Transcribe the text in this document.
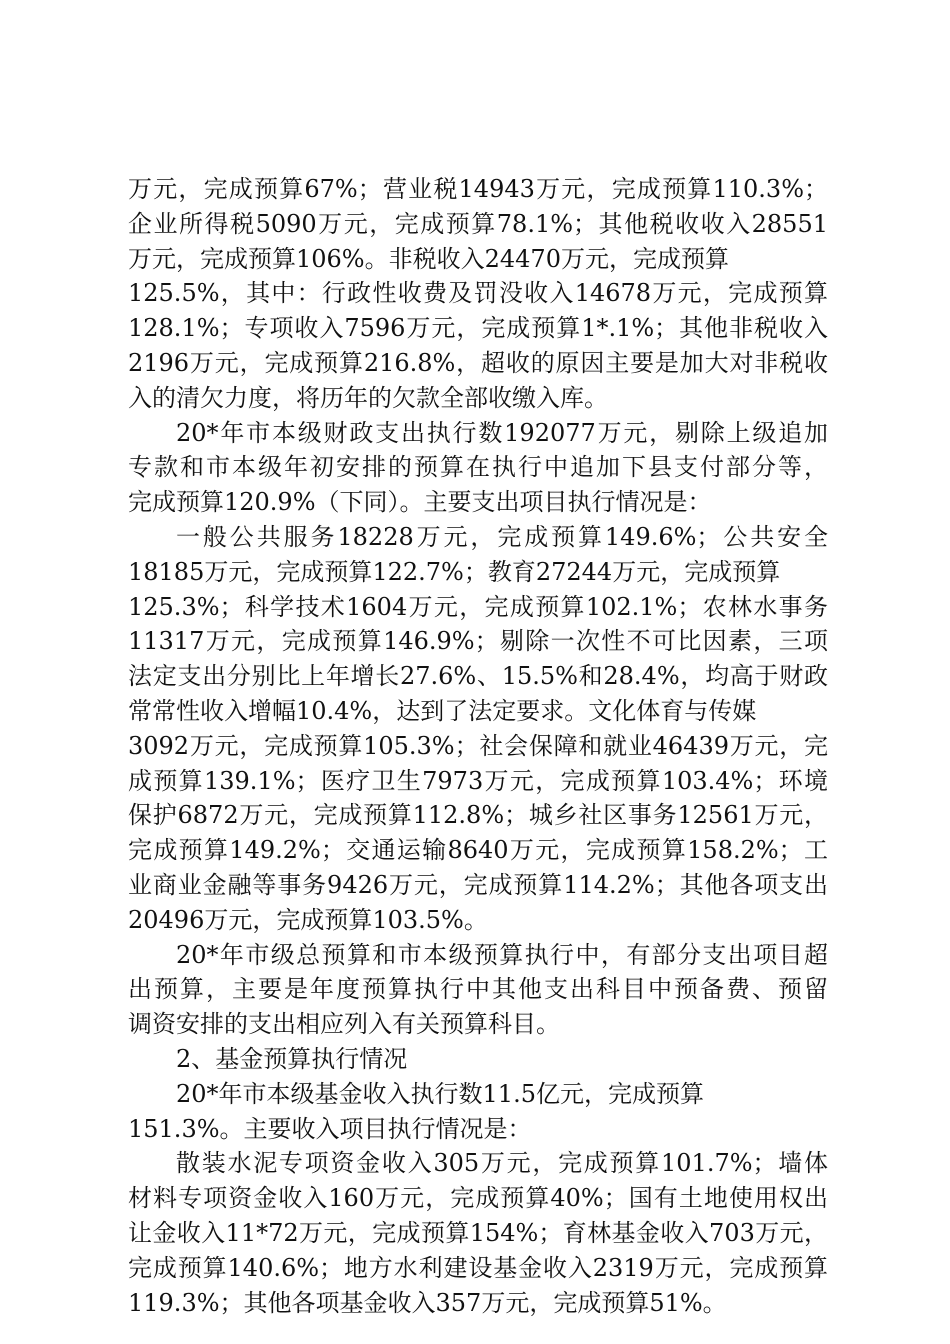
万元，完成预算67%；营业税14943万元，完成预算110.3%；
企业所得税5090万元，完成预算78.1%；其他税收收入28551
万元，完成预算106%。非税收入24470万元，完成预算
125.5%，其中：行政性收费及罚没收入14678万元，完成预算
128.1%；专项收入7596万元，完成预算1*.1%；其他非税收入
2196万元，完成预算216.8%，超收的原因主要是加大对非税收
入的清欠力度，将历年的欠款全部收缴入库。
20*年市本级财政支出执行数192077万元，剔除上级追加
专款和市本级年初安排的预算在执行中追加下县支付部分等，
完成预算120.9%（下同）。主要支出项目执行情况是：
一般公共服务18228万元，完成预算149.6%；公共安全
18185万元，完成预算122.7%；教育27244万元，完成预算
125.3%；科学技术1604万元，完成预算102.1%；农林水事务
11317万元，完成预算146.9%；剔除一次性不可比因素，三项
法定支出分别比上年增长27.6%、15.5%和28.4%，均高于财政
常常性收入增幅10.4%，达到了法定要求。文化体育与传媒
3092万元，完成预算105.3%；社会保障和就业46439万元，完
成预算139.1%；医疗卫生7973万元，完成预算103.4%；环境
保护6872万元，完成预算112.8%；城乡社区事务12561万元，
完成预算149.2%；交通运输8640万元，完成预算158.2%；工
业商业金融等事务9426万元，完成预算114.2%；其他各项支出
20496万元，完成预算103.5%。
20*年市级总预算和市本级预算执行中，有部分支出项目超
出预算，主要是年度预算执行中其他支出科目中预备费、预留
调资安排的支出相应列入有关预算科目。
2、基金预算执行情况
20*年市本级基金收入执行数11.5亿元，完成预算
151.3%。主要收入项目执行情况是：
散装水泥专项资金收入305万元，完成预算101.7%；墙体
材料专项资金收入160万元，完成预算40%；国有土地使用权出
让金收入11*72万元，完成预算154%；育林基金收入703万元，
完成预算140.6%；地方水利建设基金收入2319万元，完成预算
119.3%；其他各项基金收入357万元，完成预算51%。
